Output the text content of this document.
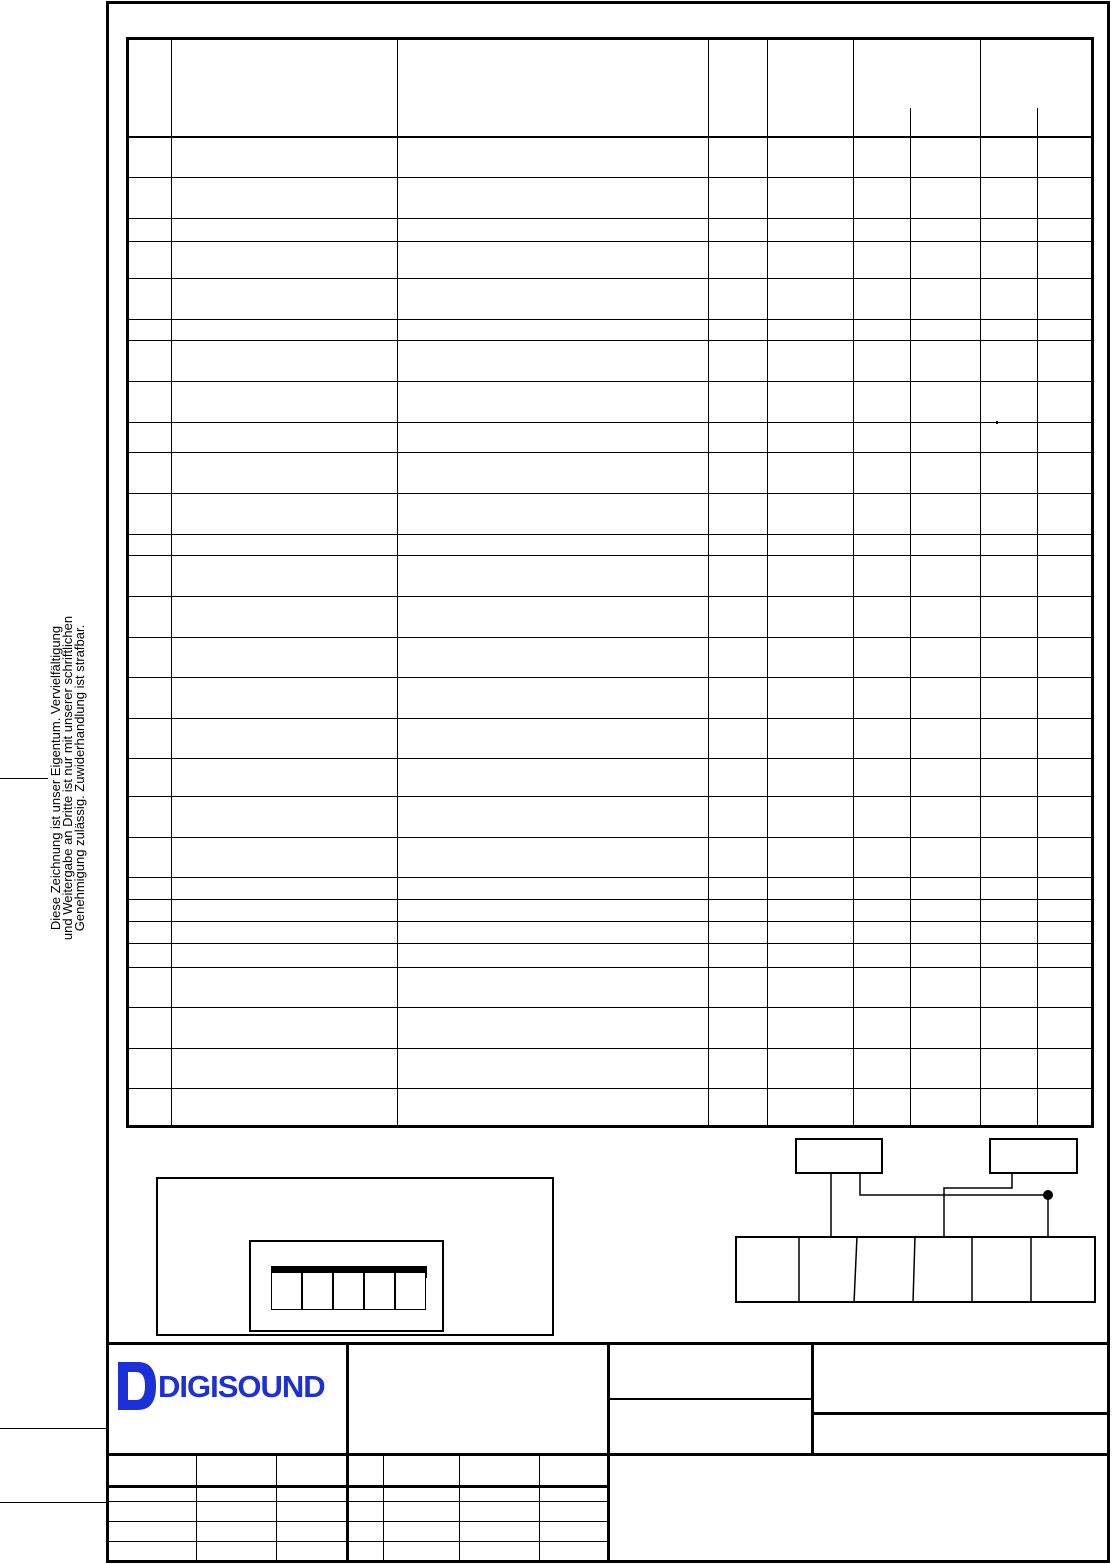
Diese Zeichnung ist unser Eigentum. Vervielfältigung
und Weitergabe an Dritte ist nur mit unserer schriftlichen
Genehmigung zulässig. Zuwiderhandlung ist strafbar.
DIGISOUND
